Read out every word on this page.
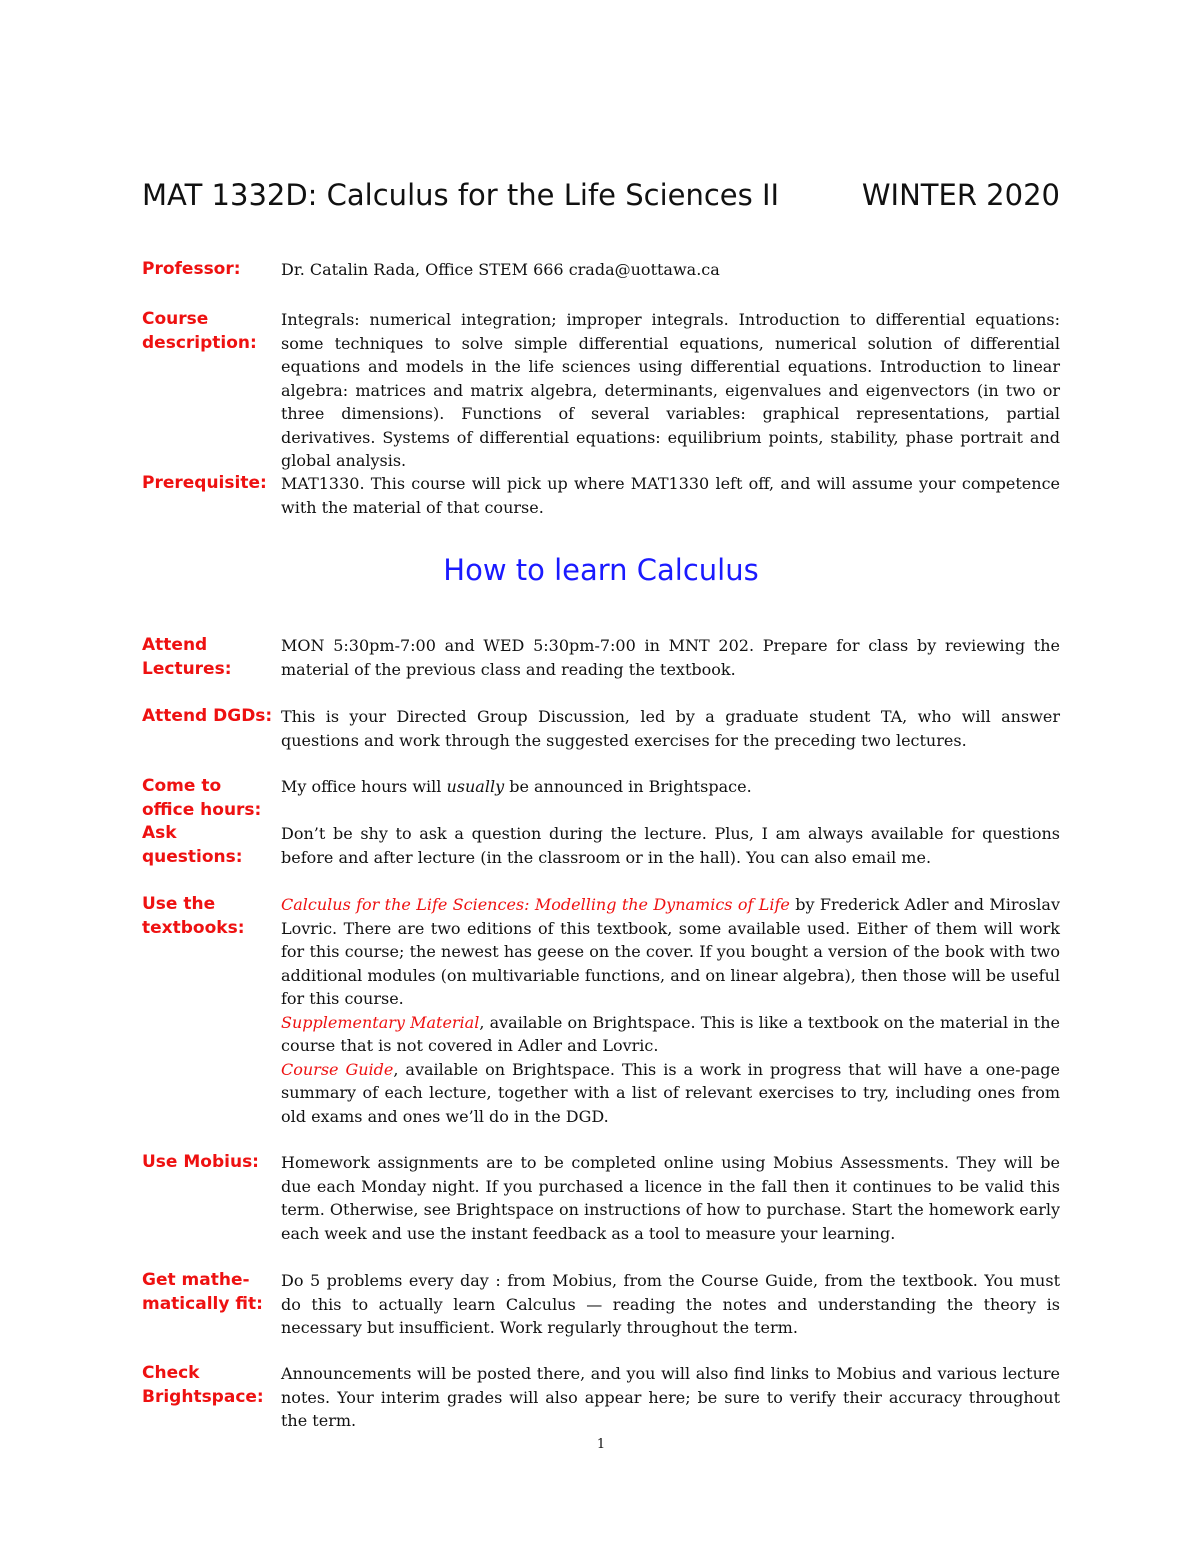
MAT 1332D: Calculus for the Life Sciences II	WINTER 2020
Professor:	Dr. Catalin Rada, Office STEM 666 crada@uottawa.ca
Course description:
Integrals: numerical integration; improper integrals. Introduction to differential equations: some techniques to solve simple differential equations, numerical solution of differential equations and models in the life sciences using differential equations. Introduction to linear algebra: matrices and matrix algebra, determinants, eigenvalues and eigenvectors (in two or three dimensions). Functions of several variables: graphical representations, partial derivatives. Systems of differential equations: equilibrium points, stability, phase portrait and global analysis.
Prerequisite: MAT1330. This course will pick up where MAT1330 left off, and will assume your competence with the material of that course.
How to learn Calculus
Attend Lectures:
MON 5:30pm-7:00 and WED 5:30pm-7:00 in MNT 202. Prepare for class by reviewing the material of the previous class and reading the textbook.
Attend DGDs: This is your Directed Group Discussion, led by a graduate student TA, who will answer questions and work through the suggested exercises for the preceding two lectures.
Come to office hours:
My office hours will usually be announced in Brightspace.
Ask questions:
Don’t be shy to ask a question during the lecture. Plus, I am always available for questions before and after lecture (in the classroom or in the hall). You can also email me.
Use the textbooks:

Calculus for the Life Sciences: Modelling the Dynamics of Life by Frederick Adler and Miroslav Lovric. There are two editions of this textbook, some available used. Either of them will work for this course; the newest has geese on the cover. If you bought a version of the book with two additional modules (on multivariable functions, and on linear algebra), then those will be useful for this course.

Supplementary Material, available on Brightspace. This is like a textbook on the material in the course that is not covered in Adler and Lovric.

Course Guide, available on Brightspace. This is a work in progress that will have a one-page summary of each lecture, together with a list of relevant exercises to try, including ones from old exams and ones we’ll do in the DGD.

Use Mobius:	Homework assignments are to be completed online using Mobius Assessments. They will be due each Monday night. If you purchased a licence in the fall then it continues to be valid this term. Otherwise, see Brightspace on instructions of how to purchase. Start the homework early each week and use the instant feedback as a tool to measure your learning.
Get mathe-matically fit:
Do 5 problems every day : from Mobius, from the Course Guide, from the textbook. You must do this to actually learn Calculus — reading the notes and understanding the theory is necessary but insufficient. Work regularly throughout the term.
Check Brightspace:
Announcements will be posted there, and you will also find links to Mobius and various lecture notes. Your interim grades will also appear here; be sure to verify their accuracy throughout the term.
1
